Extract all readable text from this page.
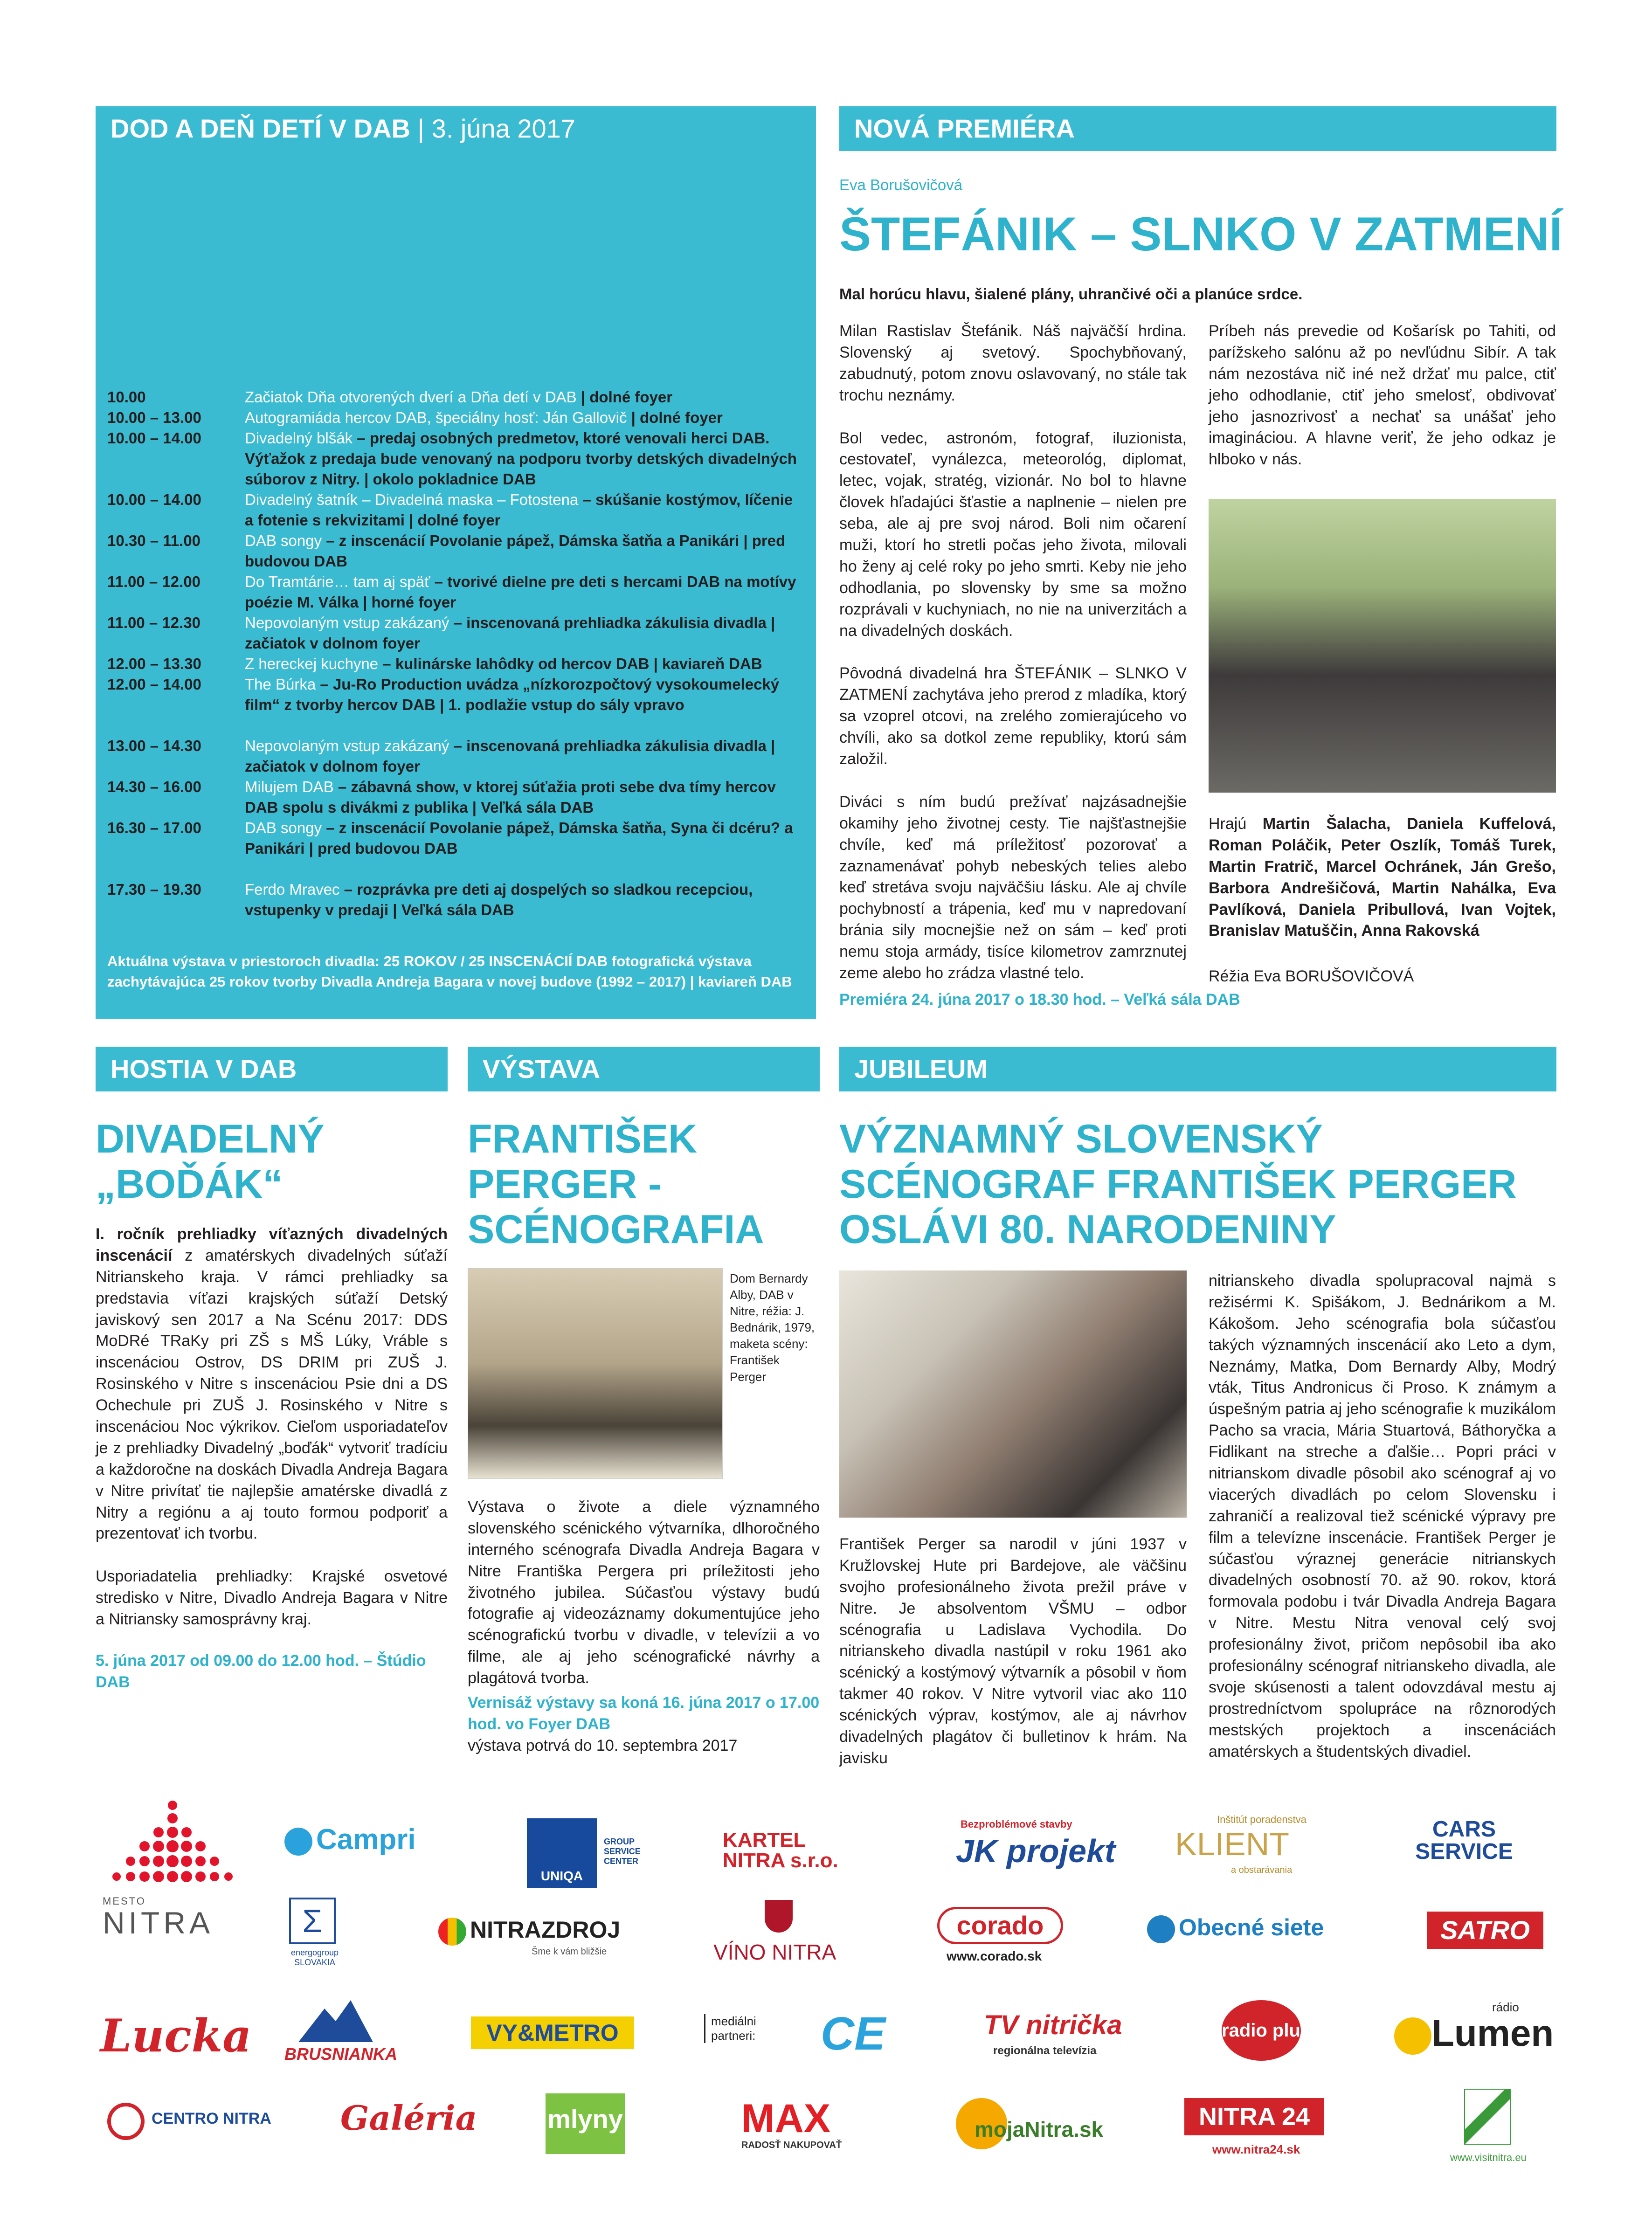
DOD A DEŇ DETÍ V DAB | 3. júna 2017
10.00	Začiatok Dňa otvorených dverí a Dňa detí v DAB | dolné foyer
10.00 – 13.00	Autogramiáda hercov DAB, špeciálny hosť: Ján Gallovič | dolné foyer
10.00 – 14.00	Divadelný blšák – predaj osobných predmetov, ktoré venovali herci DAB. Výťažok z predaja bude venovaný na podporu tvorby detských divadelných súborov z Nitry. | okolo pokladnice DAB
10.00 – 14.00	Divadelný šatník – Divadelná maska – Fotostena – skúšanie kostýmov, líčenie a fotenie s rekvizitami | dolné foyer
10.30 – 11.00	DAB songy – z inscenácií Povolanie pápež, Dámska šatňa a Panikári | pred budovou DAB
11.00 – 12.00	Do Tramtárie… tam aj späť – tvorivé dielne pre deti s hercami DAB na motívy poézie M. Válka | horné foyer
11.00 – 12.30	Nepovolaným vstup zakázaný – inscenovaná prehliadka zákulisia divadla | začiatok v dolnom foyer
12.00 – 13.30	Z hereckej kuchyne – kulinárske lahôdky od hercov DAB | kaviareň DAB
12.00 – 14.00	The Búrka – Ju-Ro Production uvádza „nízkorozpočtový vysokoumelecký film“ z tvorby hercov DAB | 1. podlažie vstup do sály vpravo
13.00 – 14.30	Nepovolaným vstup zakázaný – inscenovaná prehliadka zákulisia divadla | začiatok v dolnom foyer
14.30 – 16.00	Milujem DAB – zábavná show, v ktorej súťažia proti sebe dva tímy hercov DAB spolu s divákmi z publika | Veľká sála DAB
16.30 – 17.00	DAB songy – z inscenácií Povolanie pápež, Dámska šatňa, Syna či dcéru? a Panikári | pred budovou DAB
17.30 – 19.30	Ferdo Mravec – rozprávka pre deti aj dospelých so sladkou recepciou, vstupenky v predaji | Veľká sála DAB
Aktuálna výstava v priestoroch divadla: 25 ROKOV / 25 INSCENÁCIÍ DAB fotografická výstava zachytávajúca 25 rokov tvorby Divadla Andreja Bagara v novej budove (1992 – 2017) | kaviareň DAB
NOVÁ PREMIÉRA
Eva Borušovičová
ŠTEFÁNIK – SLNKO V ZATMENÍ
Mal horúcu hlavu, šialené plány, uhrančivé oči a planúce srdce.

Milan Rastislav Štefánik. Náš najväčší hrdina. Slovenský aj svetový. Spochybňovaný, zabudnutý, potom znovu oslavovaný, no stále tak trochu neznámy.

Bol vedec, astronóm, fotograf, iluzionista, cestovateľ, vynálezca, meteorológ, diplomat, letec, vojak, stratég, vizionár. No bol to hlavne človek hľadajúci šťastie a naplnenie – nielen pre seba, ale aj pre svoj národ. Boli nim očarení muži, ktorí ho stretli počas jeho života, milovali ho ženy aj celé roky po jeho smrti. Keby nie jeho odhodlania, po slovensky by sme sa možno rozprávali v kuchyniach, no nie na univerzitách a na divadelných doskách.

Pôvodná divadelná hra ŠTEFÁNIK – SLNKO V ZATMENÍ zachytáva jeho prerod z mladíka, ktorý sa vzoprel otcovi, na zrelého zomierajúceho vo chvíli, ako sa dotkol zeme republiky, ktorú sám založil.

Diváci s ním budú prežívať najzásadnejšie okamihy jeho životnej cesty. Tie najšťastnejšie chvíle, keď má príležitosť pozorovať a zaznamenávať pohyb nebeských telies alebo keď stretáva svoju najväčšiu lásku. Ale aj chvíle pochybností a trápenia, keď mu v napredovaní bránia sily mocnejšie než on sám – keď proti nemu stoja armády, tisíce kilometrov zamrznutej zeme alebo ho zrádza vlastné telo.

Príbeh nás prevedie od Košarísk po Tahiti, od parížskeho salónu až po nevľúdnu Sibír. A tak nám nezostáva nič iné než držať mu palce, ctiť jeho odhodlanie, ctiť jeho smelosť, obdivovať jeho jasnozrivosť a nechať sa unášať jeho imagináciou. A hlavne veriť, že jeho odkaz je hlboko v nás.
Hrajú Martin Šalacha, Daniela Kuffelová, Roman Poláčik, Peter Oszlík, Tomáš Turek, Martin Fratrič, Marcel Ochránek, Ján Grešo, Barbora Andrešičová, Martin Nahálka, Eva Pavlíková, Daniela Pribullová, Ivan Vojtek, Branislav Matuščin, Anna Rakovská
Réžia Eva BORUŠOVIČOVÁ
Premiéra 24. júna 2017 o 18.30 hod. – Veľká sála DAB
HOSTIA V DAB
DIVADELNÝ
„BOĎÁK“
I. ročník prehliadky víťazných divadelných inscenácií z amatérskych divadelných súťaží Nitrianskeho kraja. V rámci prehliadky sa predstavia víťazi krajských súťaží Detský javiskový sen 2017 a Na Scénu 2017: DDS MoDRé TRaKy pri ZŠ s MŠ Lúky, Vráble s inscenáciou Ostrov, DS DRIM pri ZUŠ J. Rosinského v Nitre s inscenáciou Psie dni a DS Ochechule pri ZUŠ J. Rosinského v Nitre s inscenáciou Noc výkrikov. Cieľom usporiadateľov je z prehliadky Divadelný „boďák“ vytvoriť tradíciu a každoročne na doskách Divadla Andreja Bagara v Nitre privítať tie najlepšie amatérske divadlá z Nitry a regiónu a aj touto formou podporiť a prezentovať ich tvorbu.

Usporiadatelia prehliadky: Krajské osvetové stredisko v Nitre, Divadlo Andreja Bagara v Nitre a Nitriansky samosprávny kraj.

5. júna 2017 od 09.00 do 12.00 hod. – Štúdio DAB
VÝSTAVA
FRANTIŠEK
PERGER -
SCÉNOGRAFIA
Dom Bernardy Alby, DAB v Nitre, réžia: J. Bednárik, 1979, maketa scény: František Perger
Výstava o živote a diele významného slovenského scénického výtvarníka, dlhoročného interného scénografa Divadla Andreja Bagara v Nitre Františka Pergera pri príležitosti jeho životného jubilea. Súčasťou výstavy budú fotografie aj videozáznamy dokumentujúce jeho scénografickú tvorbu v divadle, v televízii a vo filme, ale aj jeho scénografické návrhy a plagátová tvorba.
Vernisáž výstavy sa koná 16. júna 2017 o 17.00 hod. vo Foyer DAB
výstava potrvá do 10. septembra 2017
JUBILEUM
VÝZNAMNÝ SLOVENSKÝ
SCÉNOGRAF FRANTIŠEK PERGER
OSLÁVI 80. NARODENINY
František Perger sa narodil v júni 1937 v Kružlovskej Hute pri Bardejove, ale väčšinu svojho profesionálneho života prežil práve v Nitre. Je absolventom VŠMU – odbor scénografia u Ladislava Vychodila. Do nitrianskeho divadla nastúpil v roku 1961 ako scénický a kostýmový výtvarník a pôsobil v ňom takmer 40 rokov. V Nitre vytvoril viac ako 110 scénických výprav, kostýmov, ale aj návrhov divadelných plagátov či bulletinov k hrám. Na javisku
nitrianskeho divadla spolupracoval najmä s režisérmi K. Spišákom, J. Bednárikom a M. Kákošom. Jeho scénografia bola súčasťou takých významných inscenácií ako Leto a dym, Neznámy, Matka, Dom Bernardy Alby, Modrý vták, Titus Andronicus či Proso. K známym a úspešným patria aj jeho scénografie k muzikálom Pacho sa vracia, Mária Stuartová, Báthoryčka a Fidlikant na streche a ďalšie… Popri práci v nitrianskom divadle pôsobil ako scénograf aj vo viacerých divadlách po celom Slovensku i zahraničí a realizoval tiež scénické výpravy pre film a televízne inscenácie. František Perger je súčasťou výraznej generácie nitrianskych divadelných osobností 70. až 90. rokov, ktorá formovala podobu i tvár Divadla Andreja Bagara v Nitre. Mestu Nitra venoval celý svoj profesionálny život, pričom nepôsobil iba ako profesionálny scénograf nitrianskeho divadla, ale svoje skúsenosti a talent odovzdával mestu aj prostredníctvom spolupráce na rôznorodých mestských projektoch a inscenáciách amatérskych a študentských divadiel.
MESTO
NITRA
Campri
UNIQA
GROUP SERVICE CENTER
KARTEL NITRA s.r.o.
Bezproblémové stavby
JK projekt
Inštitút poradenstva
KLIENT
a obstarávania
CARS SERVICE
Σ
energogroup SLOVAKIA
NITRAZDROJ
Šme k vám bližšie	VÍNO NITRA
corado
www.corado.sk
Obecné siete	SATRO
Lucka BRUSNIANKA
VY&METRO	mediálni partneri: CE	TV nitrička
regionálna televízia
radio plus
rádio
Lumen
CENTRO NITRA Galéria	mlyny	MAX
RADOSŤ NAKUPOVAŤ
mojaNitra.sk	NITRA 24
www.nitra24.sk
www.visitnitra.eu
